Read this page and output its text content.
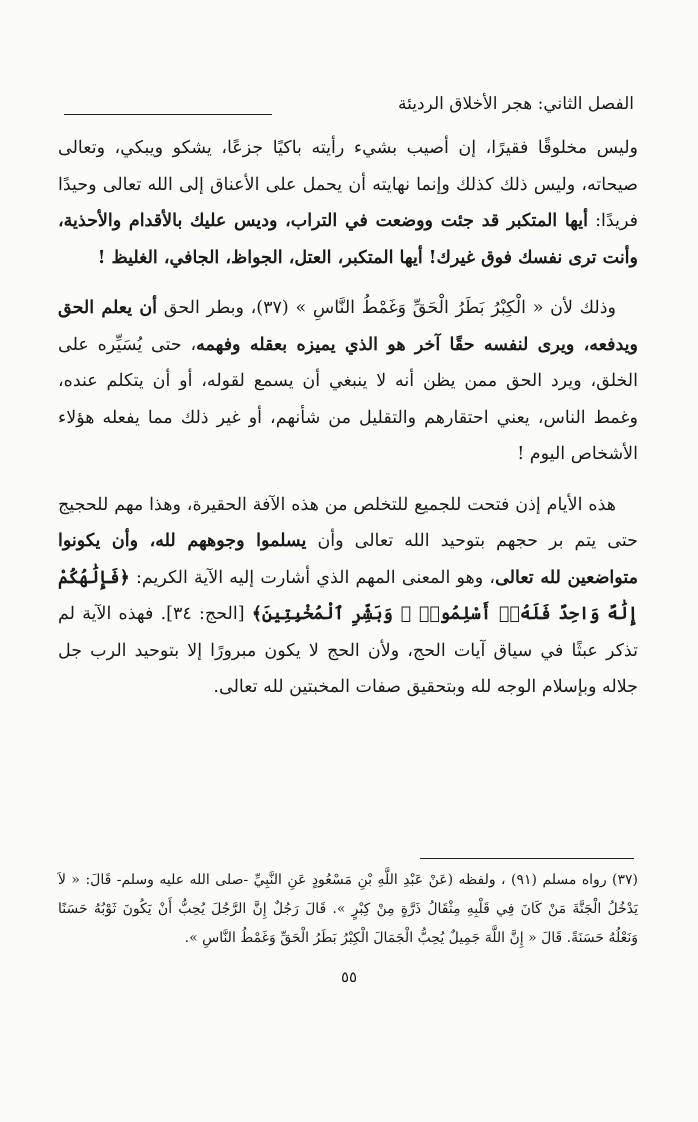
الفصل الثاني: هجر الأخلاق الرديئة

وليس مخلوقًا فقيرًا، إن أصيب بشيء رأيته باكيًا جزعًا، يشكو ويبكي، وتعالى صيحاته، وليس ذلك كذلك وإنما نهايته أن يحمل على الأعناق إلى الله تعالى وحيدًا فريدًا: أيها المتكبر قد جئت ووضعت في التراب، وديس عليك بالأقدام والأحذية، وأنت ترى نفسك فوق غيرك! أيها المتكبر، العتل، الجواظ، الجافي، الغليظ !

وذلك لأن « الْكِبْرُ بَطَرُ الْحَقِّ وَغَمْطُ النَّاسِ » (٣٧)، وبطر الحق أن يعلم الحق ويدفعه، ويرى لنفسه حقًا آخر هو الذي يميزه بعقله وفهمه، حتى يُسَيِّره على الخلق، ويرد الحق ممن يظن أنه لا ينبغي أن يسمع لقوله، أو أن يتكلم عنده، وغمط الناس، يعني احتقارهم والتقليل من شأنهم، أو غير ذلك مما يفعله هؤلاء الأشخاص اليوم !

هذه الأيام إذن فتحت للجميع للتخلص من هذه الآفة الحقيرة، وهذا مهم للحجيج حتى يتم بر حجهم بتوحيد الله تعالى وأن يسلموا وجوههم لله، وأن يكونوا متواضعين لله تعالى، وهو المعنى المهم الذي أشارت إليه الآية الكريم: ﴿فَإِلَٰهُكُمْ إِلَٰهٌ وَاحِدٌ فَلَهُۥٓ أَسْلِمُوا۟ ۗ وَبَشِّرِ ٱلْمُخْبِتِينَ﴾ [الحج: ٣٤]. فهذه الآية لم تذكر عبثًا في سياق آيات الحج، ولأن الحج لا يكون مبرورًا إلا بتوحيد الرب جل جلاله وبإسلام الوجه لله وبتحقيق صفات المخبتين لله تعالى.

(٣٧) رواه مسلم (٩١) ، ولفظه (عَنْ عَبْدِ اللَّهِ بْنِ مَسْعُودٍ عَنِ النَّبِيِّ -صلى الله عليه وسلم- قَالَ: « لاَ يَدْخُلُ الْجَنَّةَ مَنْ كَانَ فِي قَلْبِهِ مِثْقَالُ ذَرَّةٍ مِنْ كِبْرٍ ». قَالَ رَجُلٌ إِنَّ الرَّجُلَ يُحِبُّ أَنْ يَكُونَ ثَوْبُهُ حَسَنًا وَنَعْلُهُ حَسَنَةً. قَالَ « إِنَّ اللَّهَ جَمِيلٌ يُحِبُّ الْجَمَالَ الْكِبْرُ بَطَرُ الْحَقِّ وَغَمْطُ النَّاسِ ».

٥٥
